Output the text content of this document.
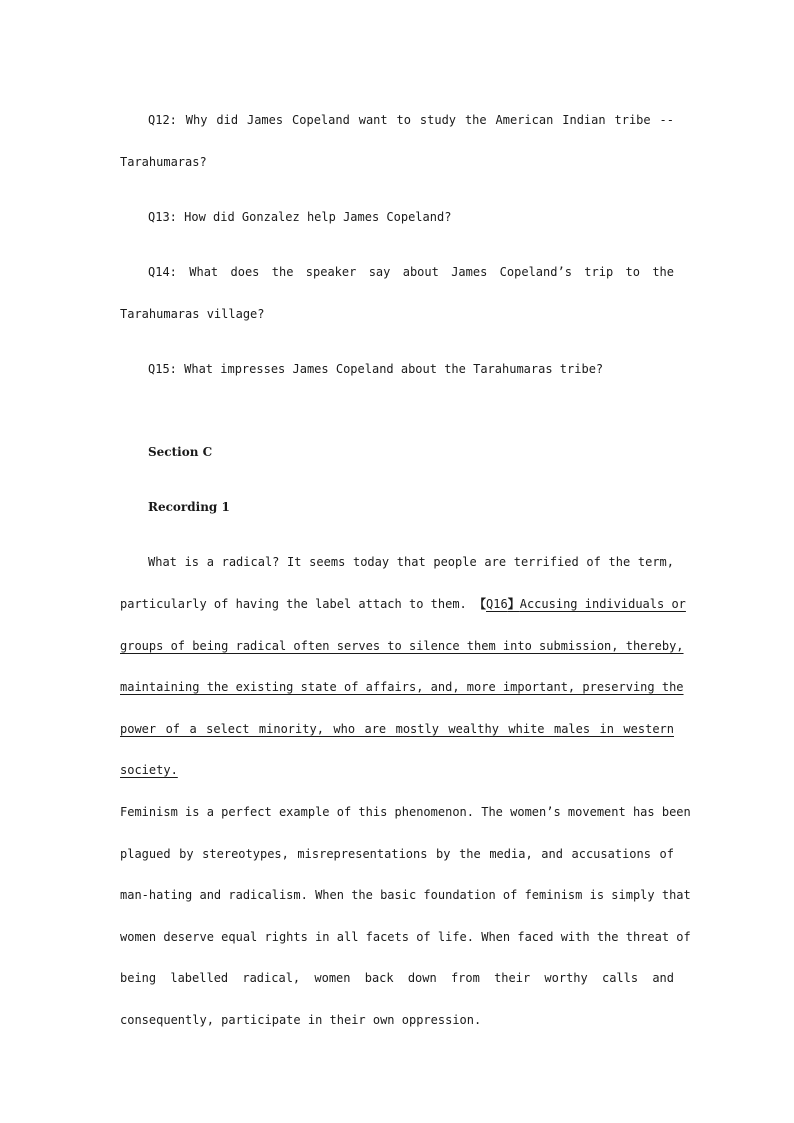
Q12: Why did James Copeland want to study the American Indian tribe --
Tarahumaras?
Q13: How did Gonzalez help James Copeland?
Q14: What does the speaker say about James Copeland’s trip to the
Tarahumaras village?
Q15: What impresses James Copeland about the Tarahumaras tribe?
Section C
Recording 1
What is a radical? It seems today that people are terrified of the term,
particularly of having the label attach to them. 【Q16】Accusing individuals or
groups of being radical often serves to silence them into submission, thereby,
maintaining the existing state of affairs, and, more important, preserving the
power of a select minority, who are mostly wealthy white males in western
society.
Feminism is a perfect example of this phenomenon. The women’s movement has been
plagued by stereotypes, misrepresentations by the media, and accusations of
man-hating and radicalism. When the basic foundation of feminism is simply that
women deserve equal rights in all facets of life. When faced with the threat of
being labelled radical, women back down from their worthy calls and
consequently, participate in their own oppression.
